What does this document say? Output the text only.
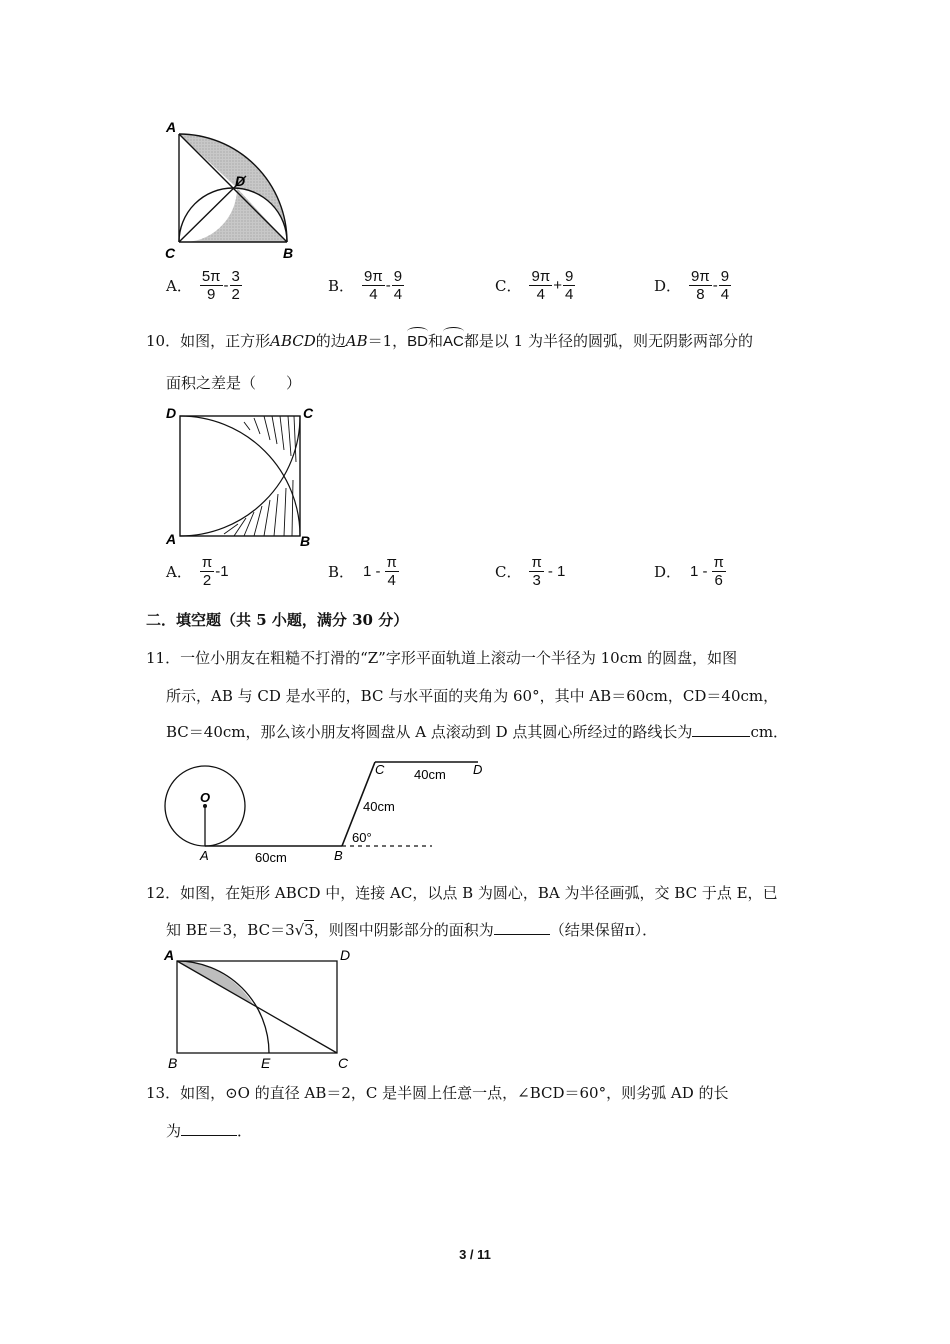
A
D
C	B
A． $\frac{5\pi}{9} - \frac{3}{2}$	B． $\frac{9\pi}{4} - \frac{9}{4}$	C． $\frac{9\pi}{4} + \frac{9}{4}$	D． $\frac{9\pi}{8} - \frac{9}{4}$
10．如图，正方形ABCD的边AB＝1，BD和AC都是以 1 为半径的圆弧，则无阴影两部分的
面积之差是（　　）
D	C
A	B
A． $\frac{\pi}{2} -1$	B． $1 - \frac{\pi}{4}$	C． $\frac{\pi}{3} - 1$	D． $1 - \frac{\pi}{6}$
二．填空题（共 5 小题，满分 30 分）
11．一位小朋友在粗糙不打滑的“Z”字形平面轨道上滚动一个半径为 10cm 的圆盘，如图
所示，AB 与 CD 是水平的，BC 与水平面的夹角为 60°，其中 AB＝60cm，CD＝40cm，
BC＝40cm，那么该小朋友将圆盘从 A 点滚动到 D 点其圆心所经过的路线长为	cm．
O
A	B
C	D
60cm
40cm
40cm
60°
12．如图，在矩形 ABCD 中，连接 AC，以点 B 为圆心，BA 为半径画弧，交 BC 于点 E，已
知 BE＝3，BC＝3√3，则图中阴影部分的面积为	（结果保留π）．
A	D
B	E	C
13．如图，⊙O 的直径 AB＝2，C 是半圆上任意一点，∠BCD＝60°，则劣弧 AD 的长
为	．
3 / 11
